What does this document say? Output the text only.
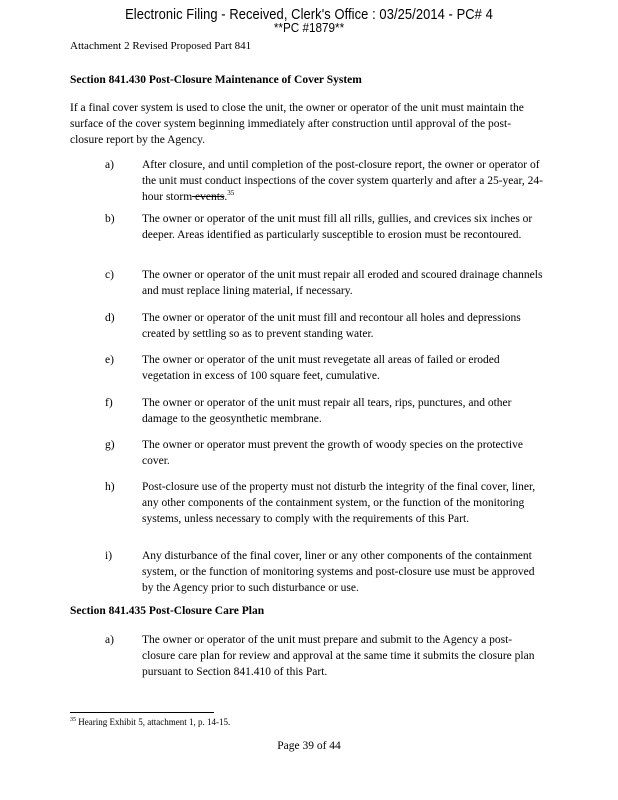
Electronic Filing - Received, Clerk's Office : 03/25/2014 - PC# 4
**PC #1879**
Attachment 2 Revised Proposed Part 841
Section 841.430 Post-Closure Maintenance of Cover System
If a final cover system is used to close the unit, the owner or operator of the unit must maintain the surface of the cover system beginning immediately after construction until approval of the post-closure report by the Agency.
a)	After closure, and until completion of the post-closure report, the owner or operator of the unit must conduct inspections of the cover system quarterly and after a 25-year, 24-hour storm events.$^{35}$
b)	The owner or operator of the unit must fill all rills, gullies, and crevices six inches or deeper. Areas identified as particularly susceptible to erosion must be recontoured.
c)	The owner or operator of the unit must repair all eroded and scoured drainage channels and must replace lining material, if necessary.
d)	The owner or operator of the unit must fill and recontour all holes and depressions created by settling so as to prevent standing water.
e)	The owner or operator of the unit must revegetate all areas of failed or eroded vegetation in excess of 100 square feet, cumulative.
f)	The owner or operator of the unit must repair all tears, rips, punctures, and other damage to the geosynthetic membrane.
g)	The owner or operator must prevent the growth of woody species on the protective cover.
h)	Post-closure use of the property must not disturb the integrity of the final cover, liner, any other components of the containment system, or the function of the monitoring systems, unless necessary to comply with the requirements of this Part.
i)	Any disturbance of the final cover, liner or any other components of the containment system, or the function of monitoring systems and post-closure use must be approved by the Agency prior to such disturbance or use.
Section 841.435 Post-Closure Care Plan
a)	The owner or operator of the unit must prepare and submit to the Agency a post-closure care plan for review and approval at the same time it submits the closure plan pursuant to Section 841.410 of this Part.
$^{35}$ Hearing Exhibit 5, attachment 1, p. 14-15.
Page 39 of 44
